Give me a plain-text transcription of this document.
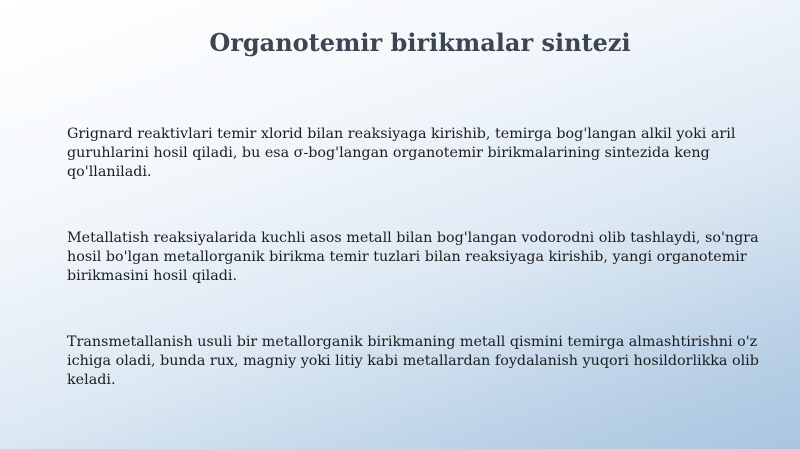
Organotemir birikmalar sintezi

Grignard reaktivlari temir xlorid bilan reaksiyaga kirishib, temirga bog'langan alkil yoki aril guruhlarini hosil qiladi, bu esa σ-bog'langan organotemir birikmalarining sintezida keng qo'llaniladi.

Metallatish reaksiyalarida kuchli asos metall bilan bog'langan vodorodni olib tashlaydi, so'ngra hosil bo'lgan metallorganik birikma temir tuzlari bilan reaksiyaga kirishib, yangi organotemir birikmasini hosil qiladi.

Transmetallanish usuli bir metallorganik birikmaning metall qismini temirga almashtirishni o'z ichiga oladi, bunda rux, magniy yoki litiy kabi metallardan foydalanish yuqori hosildorlikka olib keladi.
